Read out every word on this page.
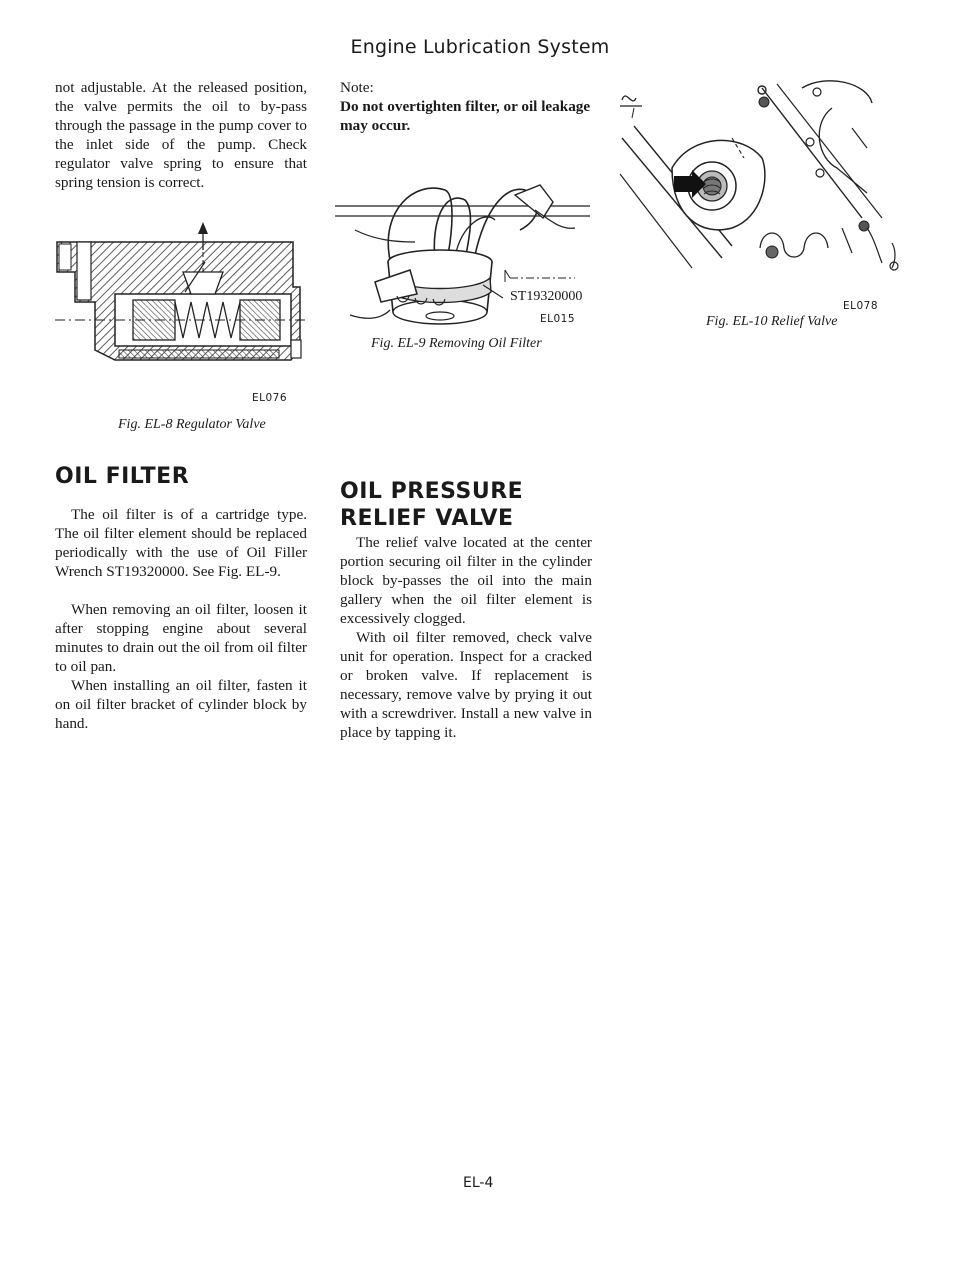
Engine Lubrication System

not adjustable. At the released position, the valve permits the oil to by-pass through the passage in the pump cover to the inlet side of the pump. Check regulator valve spring to ensure that spring tension is correct.

EL076
Fig. EL-8 Regulator Valve
OIL FILTER

The oil filter is of a cartridge type. The oil filter element should be replaced periodically with the use of Oil Filler Wrench ST19320000. See Fig. EL-9.

When removing an oil filter, loosen it after stopping engine about several minutes to drain out the oil from oil filter to oil pan.

When installing an oil filter, fasten it on oil filter bracket of cylinder block by hand.

Note:

Do not overtighten filter, or oil leakage may occur.

ST19320000
EL015
Fig. EL-9 Removing Oil Filter
OIL PRESSURE
RELIEF VALVE

The relief valve located at the center portion securing oil filter in the cylinder block by-passes the oil into the main gallery when the oil filter element is excessively clogged.

With oil filter removed, check valve unit for operation. Inspect for a cracked or broken valve. If replacement is necessary, remove valve by prying it out with a screwdriver. Install a new valve in place by tapping it.

EL078
Fig. EL-10 Relief Valve
EL-4
